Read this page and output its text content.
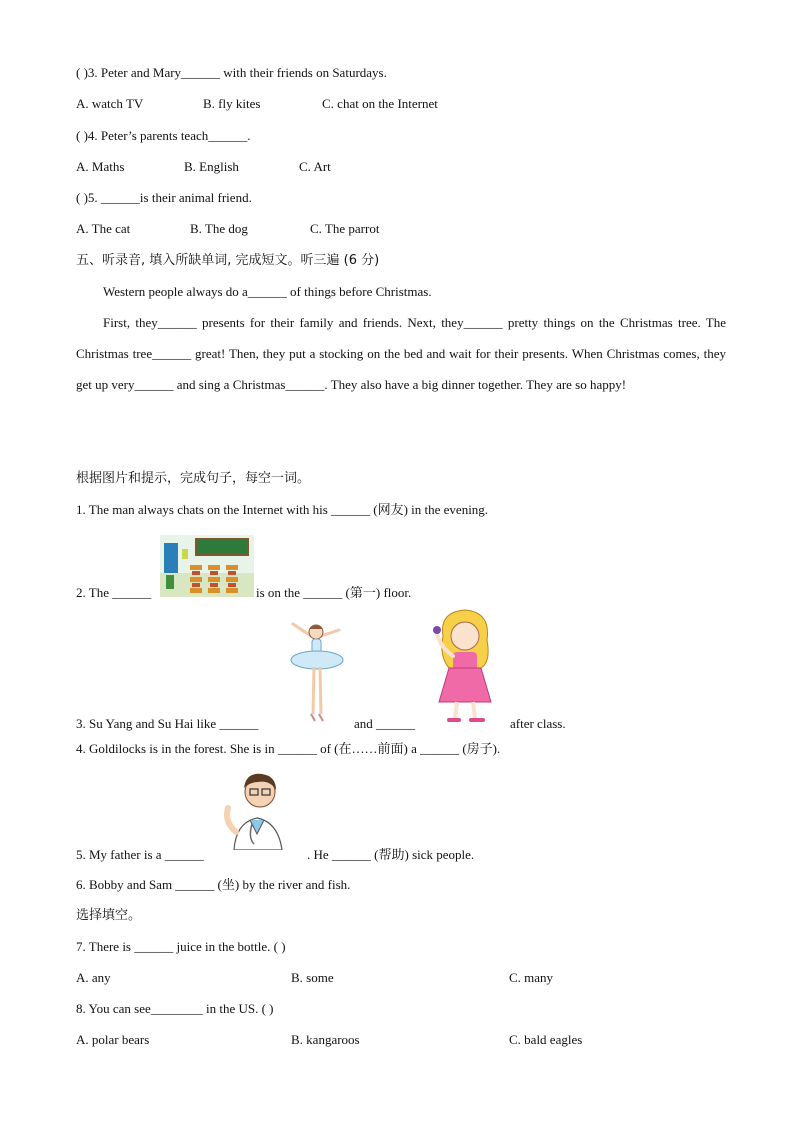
( )3. Peter and Mary______ with their friends on Saturdays.
A. watch TV	B. fly kites	C. chat on the Internet
( )4. Peter’s parents teach______.
A. Maths	B. English	C. Art
( )5. ______is their animal friend.
A. The cat	B. The dog	C. The parrot
五、听录音, 填入所缺单词, 完成短文。听三遍 (6 分)
Western people always do a______ of things before Christmas.
First, they______ presents for their family and friends. Next, they______ pretty things on the Christmas tree. The Christmas tree______ great! Then, they put a stocking on the bed and wait for their presents. When Christmas comes, they get up very______ and sing a Christmas______. They also have a big dinner together. They are so happy!
根据图片和提示，完成句子，每空一词。
1. The man always chats on the Internet with his ______ (网友) in the evening.
2. The ______	is on the ______ (第一) floor.
3. Su Yang and Su Hai like ______	and ______	after class.
4. Goldilocks is in the forest. She is in ______ of (在……前面) a ______ (房子).
5. My father is a ______	. He ______ (帮助) sick people.
6. Bobby and Sam ______ (坐) by the river and fish.
选择填空。
7. There is ______ juice in the bottle. ( )
A. any	B. some	C. many
8. You can see________ in the US. ( )
A. polar bears	B. kangaroos	C. bald eagles
